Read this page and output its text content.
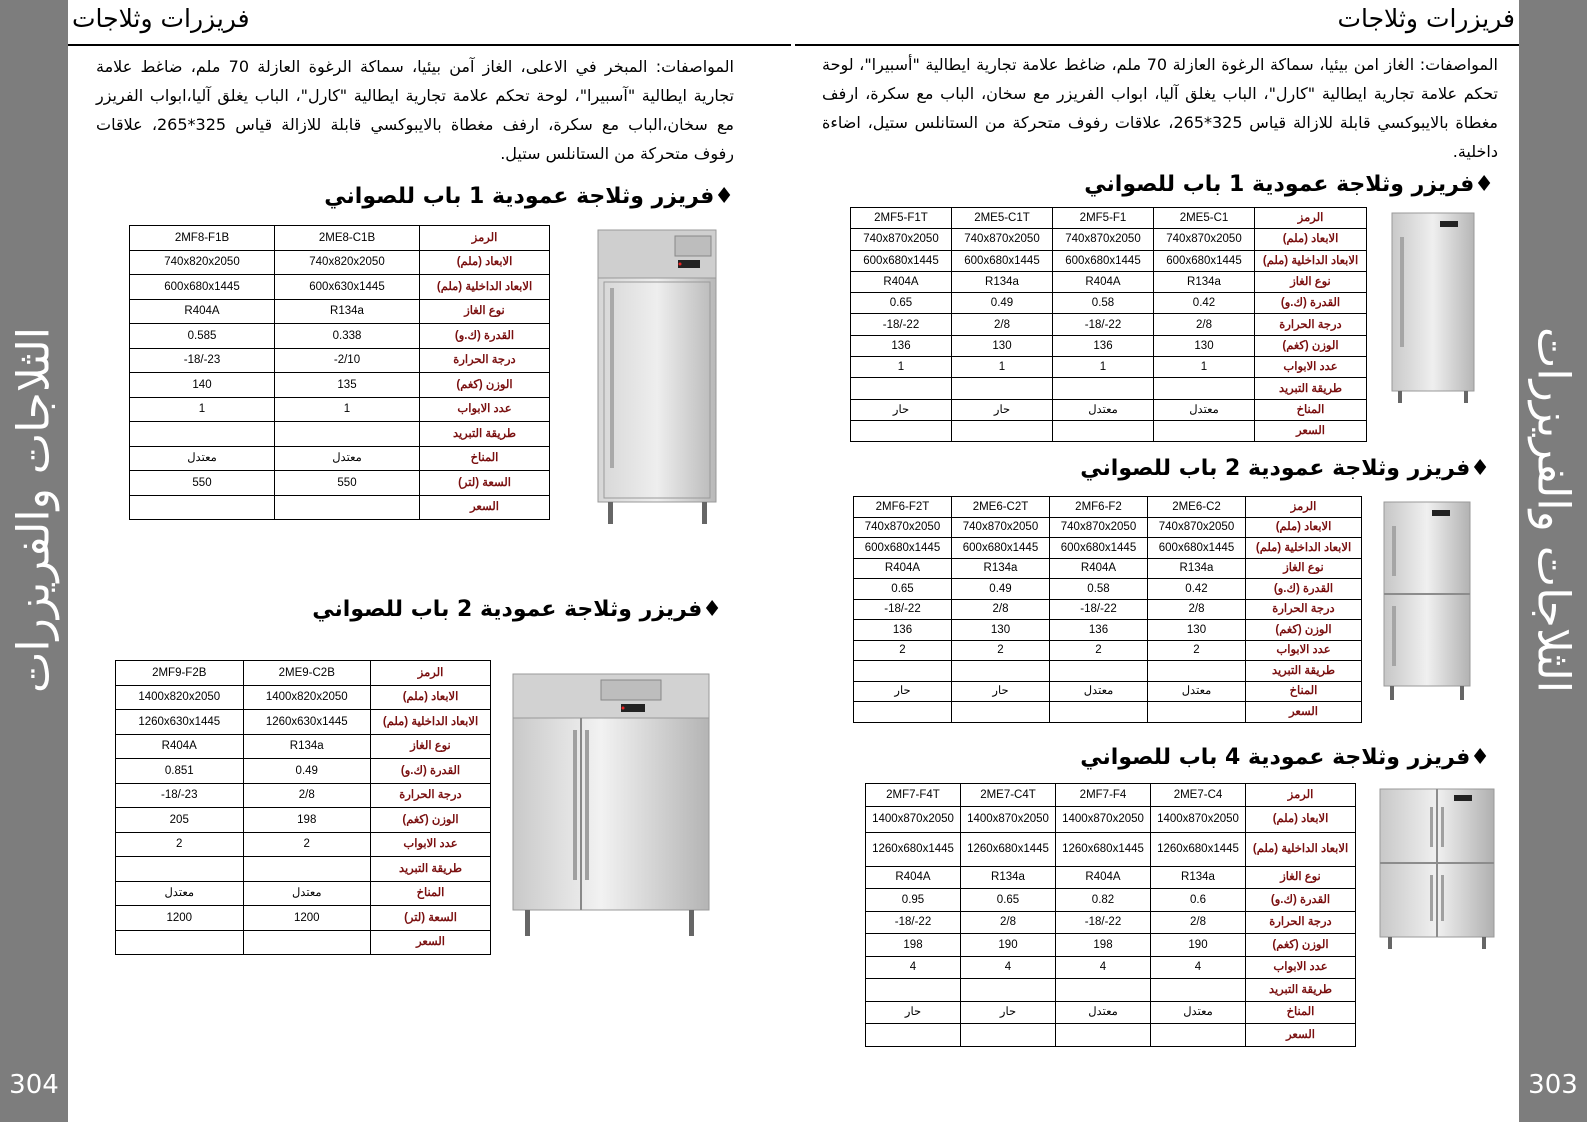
الثلاجات والفريزرات
304
الثلاجات والفريزرات
303
فريزرات وثلاجات
المواصفات: المبخر في الاعلى، الغاز آمن بيئيا، سماكة الرغوة العازلة 70 ملم، ضاغط علامة تجارية ايطالية "آسبيرا"، لوحة تحكم علامة تجارية ايطالية "كارل"، الباب يغلق آليا،ابواب الفريزر مع سخان،الباب مع سكرة، ارفف مغطاة بالايبوكسي قابلة للازالة قياس 325*265، علاقات رفوف متحركة من الستانلس ستيل.
♦فريزر وثلاجة عمودية 1 باب للصواني
2MF8-F1B	2ME8-C1B	الرمز
740x820x2050	740x820x2050	الابعاد (ملم)
600x680x1445	600x630x1445	الابعاد الداخلية (ملم)
R404A	R134a	نوع الغاز
0.585	0.338	القدرة (ك.و)
-18/-23	-2/10	درجة الحرارة
140	135	الوزن (كغم)
1	1	عدد الابواب
		طريقة التبريد
معتدل	معتدل	المناخ
550	550	السعة (لتر)
		السعر
♦فريزر وثلاجة عمودية 2 باب للصواني
2MF9-F2B	2ME9-C2B	الرمز
1400x820x2050	1400x820x2050	الابعاد (ملم)
1260x630x1445	1260x630x1445	الابعاد الداخلية (ملم)
R404A	R134a	نوع الغاز
0.851	0.49	القدرة (ك.و)
-18/-23	2/8	درجة الحرارة
205	198	الوزن (كغم)
2	2	عدد الابواب
		طريقة التبريد
معتدل	معتدل	المناخ
1200	1200	السعة (لتر)
		السعر
فريزرات وثلاجات
المواصفات: الغاز امن بيئيا، سماكة الرغوة العازلة 70 ملم، ضاغط علامة تجارية ايطالية "أسبيرا"، لوحة تحكم علامة تجارية ايطالية "كارل"، الباب يغلق آليا، ابواب الفريزر مع سخان، الباب مع سكرة، ارفف مغطاة بالايبوكسي قابلة للازالة قياس 325*265، علاقات رفوف متحركة من الستانلس ستيل، اضاءة داخلية.
♦فريزر وثلاجة عمودية 1 باب للصواني
2MF5-F1T	2ME5-C1T	2MF5-F1	2ME5-C1	الرمز
740x870x2050	740x870x2050	740x870x2050	740x870x2050	الابعاد (ملم)
600x680x1445	600x680x1445	600x680x1445	600x680x1445	الابعاد الداخلية (ملم)
R404A	R134a	R404A	R134a	نوع الغاز
0.65	0.49	0.58	0.42	القدرة (ك.و)
-18/-22	2/8	-18/-22	2/8	درجة الحرارة
136	130	136	130	الوزن (كغم)
1	1	1	1	عدد الابواب
				طريقة التبريد
حار	حار	معتدل	معتدل	المناخ
				السعر
♦فريزر وثلاجة عمودية 2 باب للصواني
2MF6-F2T	2ME6-C2T	2MF6-F2	2ME6-C2	الرمز
740x870x2050	740x870x2050	740x870x2050	740x870x2050	الابعاد (ملم)
600x680x1445	600x680x1445	600x680x1445	600x680x1445	الابعاد الداخلية (ملم)
R404A	R134a	R404A	R134a	نوع الغاز
0.65	0.49	0.58	0.42	القدرة (ك.و)
-18/-22	2/8	-18/-22	2/8	درجة الحرارة
136	130	136	130	الوزن (كغم)
2	2	2	2	عدد الابواب
				طريقة التبريد
حار	حار	معتدل	معتدل	المناخ
				السعر
♦فريزر وثلاجة عمودية 4 باب للصواني
2MF7-F4T	2ME7-C4T	2MF7-F4	2ME7-C4	الرمز
1400x870x2050	1400x870x2050	1400x870x2050	1400x870x2050	الابعاد (ملم)
1260x680x1445	1260x680x1445	1260x680x1445	1260x680x1445	الابعاد الداخلية (ملم)
R404A	R134a	R404A	R134a	نوع الغاز
0.95	0.65	0.82	0.6	القدرة (ك.و)
-18/-22	2/8	-18/-22	2/8	درجة الحرارة
198	190	198	190	الوزن (كغم)
4	4	4	4	عدد الابواب
				طريقة التبريد
حار	حار	معتدل	معتدل	المناخ
				السعر
